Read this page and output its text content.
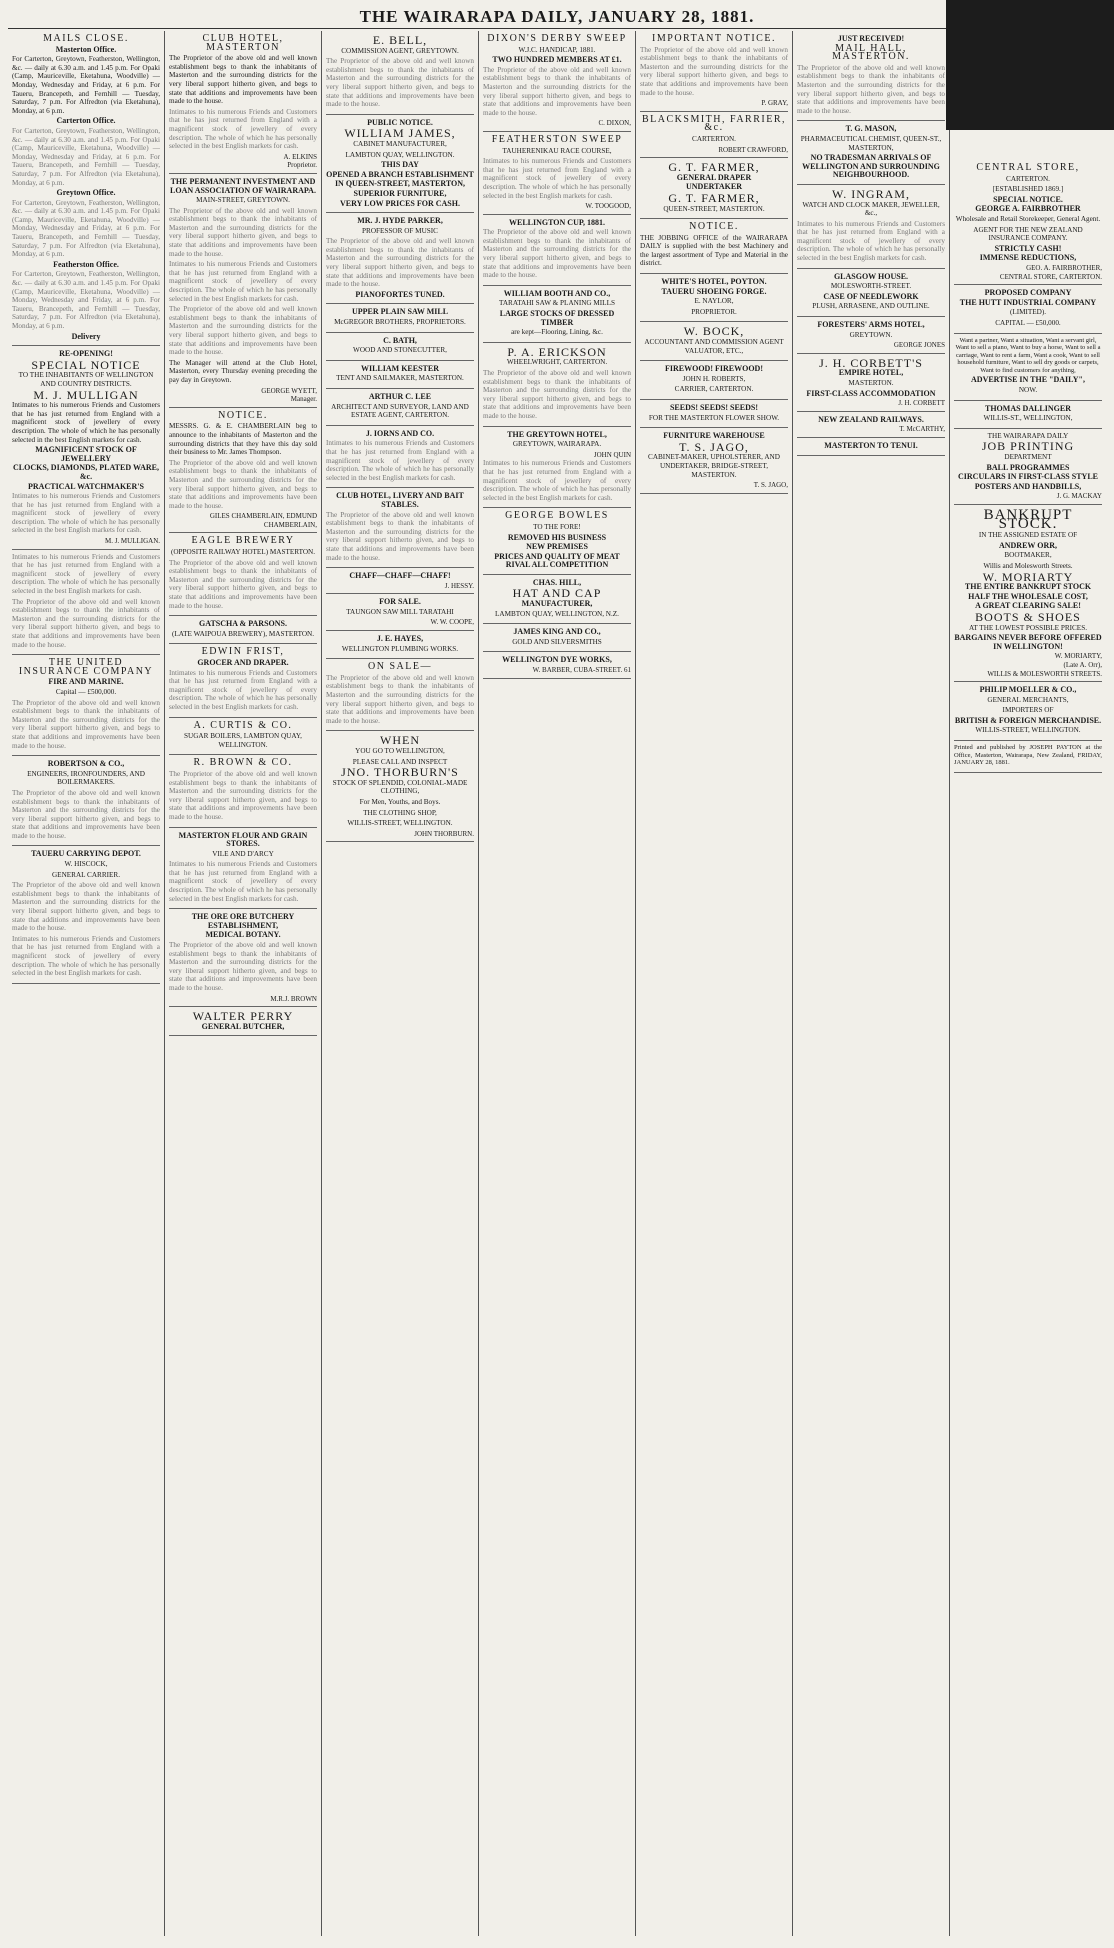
THE WAIRARAPA DAILY, JANUARY 28, 1881.
MAILS CLOSE.
Masterton Office.

For Carterton, Greytown, Featherston, Wellington, &c. — daily at 6.30 a.m. and 1.45 p.m. For Opaki (Camp, Mauriceville, Eketahuna, Woodville) — Monday, Wednesday and Friday, at 6 p.m. For Taueru, Brancepeth, and Fernhill — Tuesday, Saturday, 7 p.m. For Alfredton (via Eketahuna), Monday, at 6 p.m.

Carterton Office.

For Carterton, Greytown, Featherston, Wellington, &c. — daily at 6.30 a.m. and 1.45 p.m. For Opaki (Camp, Mauriceville, Eketahuna, Woodville) — Monday, Wednesday and Friday, at 6 p.m. For Taueru, Brancepeth, and Fernhill — Tuesday, Saturday, 7 p.m. For Alfredton (via Eketahuna), Monday, at 6 p.m.

Greytown Office.

For Carterton, Greytown, Featherston, Wellington, &c. — daily at 6.30 a.m. and 1.45 p.m. For Opaki (Camp, Mauriceville, Eketahuna, Woodville) — Monday, Wednesday and Friday, at 6 p.m. For Taueru, Brancepeth, and Fernhill — Tuesday, Saturday, 7 p.m. For Alfredton (via Eketahuna), Monday, at 6 p.m.

Featherston Office.

For Carterton, Greytown, Featherston, Wellington, &c. — daily at 6.30 a.m. and 1.45 p.m. For Opaki (Camp, Mauriceville, Eketahuna, Woodville) — Monday, Wednesday and Friday, at 6 p.m. For Taueru, Brancepeth, and Fernhill — Tuesday, Saturday, 7 p.m. For Alfredton (via Eketahuna), Monday, at 6 p.m.

Delivery
RE-OPENING!
SPECIAL NOTICE

TO THE INHABITANTS OF WELLINGTON AND COUNTRY DISTRICTS.

M. J. MULLIGAN

Intimates to his numerous Friends and Customers that he has just returned from England with a magnificent stock of jewellery of every description. The whole of which he has personally selected in the best English markets for cash.

MAGNIFICENT STOCK OF JEWELLERY
CLOCKS, DIAMONDS, PLATED WARE, &c.
PRACTICAL WATCHMAKER'S

Intimates to his numerous Friends and Customers that he has just returned from England with a magnificent stock of jewellery of every description. The whole of which he has personally selected in the best English markets for cash.

M. J. MULLIGAN.

Intimates to his numerous Friends and Customers that he has just returned from England with a magnificent stock of jewellery of every description. The whole of which he has personally selected in the best English markets for cash.

The Proprietor of the above old and well known establishment begs to thank the inhabitants of Masterton and the surrounding districts for the very liberal support hitherto given, and begs to state that additions and improvements have been made to the house.

THE UNITED INSURANCE COMPANY
FIRE AND MARINE.

Capital — £500,000.

The Proprietor of the above old and well known establishment begs to thank the inhabitants of Masterton and the surrounding districts for the very liberal support hitherto given, and begs to state that additions and improvements have been made to the house.

ROBERTSON & CO.,

ENGINEERS, IRONFOUNDERS, AND BOILERMAKERS.

The Proprietor of the above old and well known establishment begs to thank the inhabitants of Masterton and the surrounding districts for the very liberal support hitherto given, and begs to state that additions and improvements have been made to the house.

TAUERU CARRYING DEPOT.

W. HISCOCK,

GENERAL CARRIER.

The Proprietor of the above old and well known establishment begs to thank the inhabitants of Masterton and the surrounding districts for the very liberal support hitherto given, and begs to state that additions and improvements have been made to the house.

Intimates to his numerous Friends and Customers that he has just returned from England with a magnificent stock of jewellery of every description. The whole of which he has personally selected in the best English markets for cash.

CLUB HOTEL, MASTERTON

The Proprietor of the above old and well known establishment begs to thank the inhabitants of Masterton and the surrounding districts for the very liberal support hitherto given, and begs to state that additions and improvements have been made to the house.

Intimates to his numerous Friends and Customers that he has just returned from England with a magnificent stock of jewellery of every description. The whole of which he has personally selected in the best English markets for cash.

A. ELKINS
Proprietor.
THE PERMANENT INVESTMENT AND LOAN ASSOCIATION OF WAIRARAPA.

MAIN-STREET, GREYTOWN.

The Proprietor of the above old and well known establishment begs to thank the inhabitants of Masterton and the surrounding districts for the very liberal support hitherto given, and begs to state that additions and improvements have been made to the house.

Intimates to his numerous Friends and Customers that he has just returned from England with a magnificent stock of jewellery of every description. The whole of which he has personally selected in the best English markets for cash.

The Proprietor of the above old and well known establishment begs to thank the inhabitants of Masterton and the surrounding districts for the very liberal support hitherto given, and begs to state that additions and improvements have been made to the house.

The Manager will attend at the Club Hotel, Masterton, every Thursday evening preceding the pay day in Greytown.

GEORGE WYETT,
Manager.
NOTICE.

MESSRS. G. & E. CHAMBERLAIN beg to announce to the inhabitants of Masterton and the surrounding districts that they have this day sold their business to Mr. James Thompson.

The Proprietor of the above old and well known establishment begs to thank the inhabitants of Masterton and the surrounding districts for the very liberal support hitherto given, and begs to state that additions and improvements have been made to the house.

GILES CHAMBERLAIN, EDMUND CHAMBERLAIN,
EAGLE BREWERY

(OPPOSITE RAILWAY HOTEL) MASTERTON.

The Proprietor of the above old and well known establishment begs to thank the inhabitants of Masterton and the surrounding districts for the very liberal support hitherto given, and begs to state that additions and improvements have been made to the house.

GATSCHA & PARSONS.

(LATE WAIPOUA BREWERY), MASTERTON.

EDWIN FRIST,
GROCER AND DRAPER.

Intimates to his numerous Friends and Customers that he has just returned from England with a magnificent stock of jewellery of every description. The whole of which he has personally selected in the best English markets for cash.

A. CURTIS & CO.

SUGAR BOILERS, LAMBTON QUAY, WELLINGTON.

R. BROWN & CO.

The Proprietor of the above old and well known establishment begs to thank the inhabitants of Masterton and the surrounding districts for the very liberal support hitherto given, and begs to state that additions and improvements have been made to the house.

MASTERTON FLOUR AND GRAIN STORES.

VILE AND D'ARCY

Intimates to his numerous Friends and Customers that he has just returned from England with a magnificent stock of jewellery of every description. The whole of which he has personally selected in the best English markets for cash.

THE ORE ORE BUTCHERY ESTABLISHMENT,
MEDICAL BOTANY.

The Proprietor of the above old and well known establishment begs to thank the inhabitants of Masterton and the surrounding districts for the very liberal support hitherto given, and begs to state that additions and improvements have been made to the house.

M.R.J. BROWN
WALTER PERRY
GENERAL BUTCHER,
E. BELL,

COMMISSION AGENT, GREYTOWN.

The Proprietor of the above old and well known establishment begs to thank the inhabitants of Masterton and the surrounding districts for the very liberal support hitherto given, and begs to state that additions and improvements have been made to the house.

PUBLIC NOTICE.
WILLIAM JAMES,

CABINET MANUFACTURER,

LAMBTON QUAY, WELLINGTON.

THIS DAY
OPENED A BRANCH ESTABLISHMENT
IN QUEEN-STREET, MASTERTON,
SUPERIOR FURNITURE,
VERY LOW PRICES FOR CASH.
MR. J. HYDE PARKER,

PROFESSOR OF MUSIC

The Proprietor of the above old and well known establishment begs to thank the inhabitants of Masterton and the surrounding districts for the very liberal support hitherto given, and begs to state that additions and improvements have been made to the house.

PIANOFORTES TUNED.
UPPER PLAIN SAW MILL

McGREGOR BROTHERS, PROPRIETORS.

C. BATH,

WOOD AND STONECUTTER,

WILLIAM KEESTER

TENT AND SAILMAKER, MASTERTON.

ARTHUR C. LEE

ARCHITECT AND SURVEYOR, LAND AND ESTATE AGENT, CARTERTON.

J. IORNS AND CO.

Intimates to his numerous Friends and Customers that he has just returned from England with a magnificent stock of jewellery of every description. The whole of which he has personally selected in the best English markets for cash.

CLUB HOTEL, LIVERY AND BAIT STABLES.

The Proprietor of the above old and well known establishment begs to thank the inhabitants of Masterton and the surrounding districts for the very liberal support hitherto given, and begs to state that additions and improvements have been made to the house.

CHAFF—CHAFF—CHAFF!
J. HESSY.
FOR SALE.

TAUNGON SAW MILL TARATAHI

W. W. COOPE,
J. E. HAYES,

WELLINGTON PLUMBING WORKS.

ON SALE—

The Proprietor of the above old and well known establishment begs to thank the inhabitants of Masterton and the surrounding districts for the very liberal support hitherto given, and begs to state that additions and improvements have been made to the house.

WHEN

YOU GO TO WELLINGTON,

PLEASE CALL AND INSPECT

JNO. THORBURN'S

STOCK OF SPLENDID, COLONIAL-MADE CLOTHING,

For Men, Youths, and Boys.

THE CLOTHING SHOP,

WILLIS-STREET, WELLINGTON.

JOHN THORBURN.
DIXON'S DERBY SWEEP

W.J.C. HANDICAP, 1881.

TWO HUNDRED MEMBERS AT £1.

The Proprietor of the above old and well known establishment begs to thank the inhabitants of Masterton and the surrounding districts for the very liberal support hitherto given, and begs to state that additions and improvements have been made to the house.

C. DIXON,
FEATHERSTON SWEEP

TAUHERENIKAU RACE COURSE,

Intimates to his numerous Friends and Customers that he has just returned from England with a magnificent stock of jewellery of every description. The whole of which he has personally selected in the best English markets for cash.

W. TOOGOOD,
WELLINGTON CUP, 1881.

The Proprietor of the above old and well known establishment begs to thank the inhabitants of Masterton and the surrounding districts for the very liberal support hitherto given, and begs to state that additions and improvements have been made to the house.

WILLIAM BOOTH AND CO.,

TARATAHI SAW & PLANING MILLS

LARGE STOCKS OF DRESSED TIMBER

are kept—Flooring, Lining, &c.

P. A. ERICKSON

WHEELWRIGHT, CARTERTON.

The Proprietor of the above old and well known establishment begs to thank the inhabitants of Masterton and the surrounding districts for the very liberal support hitherto given, and begs to state that additions and improvements have been made to the house.

THE GREYTOWN HOTEL,

GREYTOWN, WAIRARAPA.

JOHN QUIN

Intimates to his numerous Friends and Customers that he has just returned from England with a magnificent stock of jewellery of every description. The whole of which he has personally selected in the best English markets for cash.

GEORGE BOWLES

TO THE FORE!

REMOVED HIS BUSINESS
NEW PREMISES
PRICES AND QUALITY OF MEAT RIVAL ALL COMPETITION
CHAS. HILL,
HAT AND CAP
MANUFACTURER,

LAMBTON QUAY, WELLINGTON, N.Z.

JAMES KING AND CO.,

GOLD AND SILVERSMITHS

WELLINGTON DYE WORKS,
W. BARBER, CUBA-STREET. 61
IMPORTANT NOTICE.

The Proprietor of the above old and well known establishment begs to thank the inhabitants of Masterton and the surrounding districts for the very liberal support hitherto given, and begs to state that additions and improvements have been made to the house.

P. GRAY,
BLACKSMITH, FARRIER, &c.

CARTERTON.

ROBERT CRAWFORD,
G. T. FARMER,
GENERAL DRAPER
UNDERTAKER
G. T. FARMER,

QUEEN-STREET, MASTERTON.

NOTICE.

THE JOBBING OFFICE of the WAIRARAPA DAILY is supplied with the best Machinery and the largest assortment of Type and Material in the district.

WHITE'S HOTEL, POYTON.
TAUERU SHOEING FORGE.

E. NAYLOR,

PROPRIETOR.

W. BOCK,

ACCOUNTANT AND COMMISSION AGENT VALUATOR, ETC.,

FIREWOOD! FIREWOOD!

JOHN H. ROBERTS,

CARRIER, CARTERTON.

SEEDS! SEEDS! SEEDS!

FOR THE MASTERTON FLOWER SHOW.

FURNITURE WAREHOUSE
T. S. JAGO,

CABINET-MAKER, UPHOLSTERER, AND UNDERTAKER, BRIDGE-STREET, MASTERTON.

T. S. JAGO,
JUST RECEIVED!
MAIL HALL, MASTERTON.

The Proprietor of the above old and well known establishment begs to thank the inhabitants of Masterton and the surrounding districts for the very liberal support hitherto given, and begs to state that additions and improvements have been made to the house.

T. G. MASON,

PHARMACEUTICAL CHEMIST, QUEEN-ST., MASTERTON,

NO TRADESMAN ARRIVALS OF WELLINGTON AND SURROUNDING NEIGHBOURHOOD.
W. INGRAM,

WATCH AND CLOCK MAKER, JEWELLER, &c.,

Intimates to his numerous Friends and Customers that he has just returned from England with a magnificent stock of jewellery of every description. The whole of which he has personally selected in the best English markets for cash.

GLASGOW HOUSE.

MOLESWORTH-STREET.

CASE OF NEEDLEWORK

PLUSH, ARRASENE, AND OUTLINE.

FORESTERS' ARMS HOTEL,

GREYTOWN.

GEORGE JONES
J. H. CORBETT'S
EMPIRE HOTEL,

MASTERTON.

FIRST-CLASS ACCOMMODATION
J. H. CORBETT
NEW ZEALAND RAILWAYS.
T. McCARTHY,
MASTERTON TO TENUI.
CENTRAL STORE,

CARTERTON.

[ESTABLISHED 1869.]

SPECIAL NOTICE.
GEORGE A. FAIRBROTHER

Wholesale and Retail Storekeeper, General Agent.

AGENT FOR THE NEW ZEALAND INSURANCE COMPANY.

STRICTLY CASH!
IMMENSE REDUCTIONS,
GEO. A. FAIRBROTHER,
CENTRAL STORE, CARTERTON.
PROPOSED COMPANY
THE HUTT INDUSTRIAL COMPANY

(LIMITED).

CAPITAL — £50,000.

Want a partner, Want a situation, Want a servant girl, Want to sell a piano, Want to buy a horse, Want to sell a carriage, Want to rent a farm, Want a cook, Want to sell household furniture, Want to sell dry goods or carpets, Want to find customers for anything,

ADVERTISE IN THE "DAILY",

NOW.

THOMAS DALLINGER

WILLIS-ST., WELLINGTON,

THE WAIRARAPA DAILY

JOB PRINTING

DEPARTMENT

BALL PROGRAMMES
CIRCULARS IN FIRST-CLASS STYLE
POSTERS AND HANDBILLS,
J. G. MACKAY
BANKRUPT STOCK.

IN THE ASSIGNED ESTATE OF

ANDREW ORR,

BOOTMAKER,

Willis and Molesworth Streets.

W. MORIARTY
THE ENTIRE BANKRUPT STOCK
HALF THE WHOLESALE COST,
A GREAT CLEARING SALE!
BOOTS & SHOES

AT THE LOWEST POSSIBLE PRICES.

BARGAINS NEVER BEFORE OFFERED IN WELLINGTON!
W. MORIARTY,
(Late A. Orr),
WILLIS & MOLESWORTH STREETS.
PHILIP MOELLER & CO.,

GENERAL MERCHANTS,

IMPORTERS OF

BRITISH & FOREIGN MERCHANDISE.

WILLIS-STREET, WELLINGTON.

Printed and published by JOSEPH PAYTON at the Office, Masterton, Wairarapa, New Zealand, FRIDAY, JANUARY 28, 1881.
